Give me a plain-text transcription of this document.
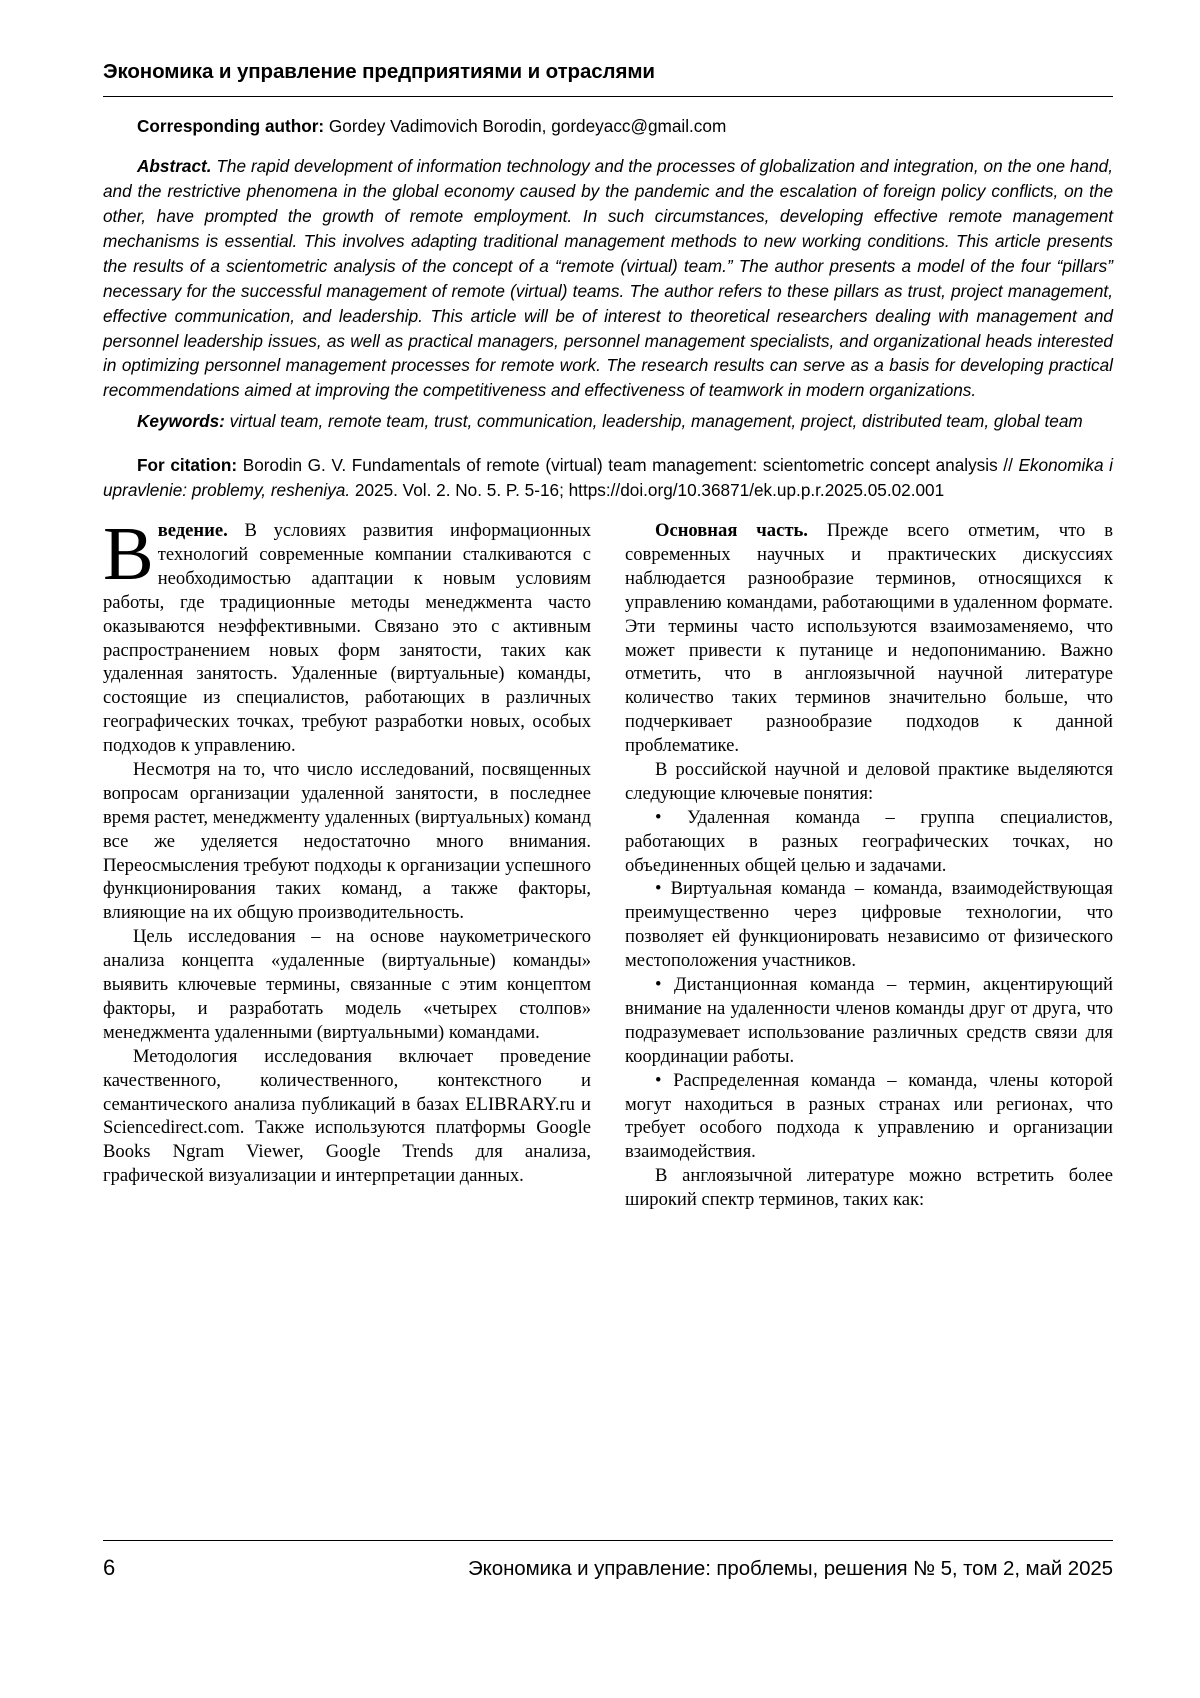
Экономика и управление предприятиями и отраслями
Corresponding author: Gordey Vadimovich Borodin, gordeyacc@gmail.com
Abstract. The rapid development of information technology and the processes of globalization and integration, on the one hand, and the restrictive phenomena in the global economy caused by the pandemic and the escalation of foreign policy conflicts, on the other, have prompted the growth of remote employment. In such circumstances, developing effective remote management mechanisms is essential. This involves adapting traditional management methods to new working conditions. This article presents the results of a scientometric analysis of the concept of a “remote (virtual) team.” The author presents a model of the four “pillars” necessary for the successful management of remote (virtual) teams. The author refers to these pillars as trust, project management, effective communication, and leadership. This article will be of interest to theoretical researchers dealing with management and personnel leadership issues, as well as practical managers, personnel management specialists, and organizational heads interested in optimizing personnel management processes for remote work. The research results can serve as a basis for developing practical recommendations aimed at improving the competitiveness and effectiveness of teamwork in modern organizations.
Keywords: virtual team, remote team, trust, communication, leadership, management, project, distributed team, global team
For citation: Borodin G. V. Fundamentals of remote (virtual) team management: scientometric concept analysis // Ekonomika i upravlenie: problemy, resheniya. 2025. Vol. 2. No. 5. P. 5-16; https://doi.org/10.36871/ek.up.p.r.2025.05.02.001

Введение. В условиях развития информационных технологий современные компании сталкиваются с необходимостью адаптации к новым условиям работы, где традиционные методы менеджмента часто оказываются неэффективными. Связано это с активным распространением новых форм занятости, таких как удаленная занятость. Удаленные (виртуальные) команды, состоящие из специалистов, работающих в различных географических точках, требуют разработки новых, особых подходов к управлению.

Несмотря на то, что число исследований, посвященных вопросам организации удаленной занятости, в последнее время растет, менеджменту удаленных (виртуальных) команд все же уделяется недостаточно много внимания. Переосмысления требуют подходы к организации успешного функционирования таких команд, а также факторы, влияющие на их общую производительность.

Цель исследования – на основе наукометрического анализа концепта «удаленные (виртуальные) команды» выявить ключевые термины, связанные с этим концептом факторы, и разработать модель «четырех столпов» менеджмента удаленными (виртуальными) командами.

Методология исследования включает проведение качественного, количественного, контекстного и семантического анализа публикаций в базах ELIBRARY.ru и Sciencedirect.com. Также используются платформы Google Books Ngram Viewer, Google Trends для анализа, графической визуализации и интерпретации данных.

Основная часть. Прежде всего отметим, что в современных научных и практических дискуссиях наблюдается разнообразие терминов, относящихся к управлению командами, работающими в удаленном формате. Эти термины часто используются взаимозаменяемо, что может привести к путанице и недопониманию. Важно отметить, что в англоязычной научной литературе количество таких терминов значительно больше, что подчеркивает разнообразие подходов к данной проблематике.

В российской научной и деловой практике выделяются следующие ключевые понятия:

• Удаленная команда – группа специалистов, работающих в разных географических точках, но объединенных общей целью и задачами.

• Виртуальная команда – команда, взаимодействующая преимущественно через цифровые технологии, что позволяет ей функционировать независимо от физического местоположения участников.

• Дистанционная команда – термин, акцентирующий внимание на удаленности членов команды друг от друга, что подразумевает использование различных средств связи для координации работы.

• Распределенная команда – команда, члены которой могут находиться в разных странах или регионах, что требует особого подхода к управлению и организации взаимодействия.

В англоязычной литературе можно встретить более широкий спектр терминов, таких как:

6	Экономика и управление: проблемы, решения № 5, том 2, май 2025
